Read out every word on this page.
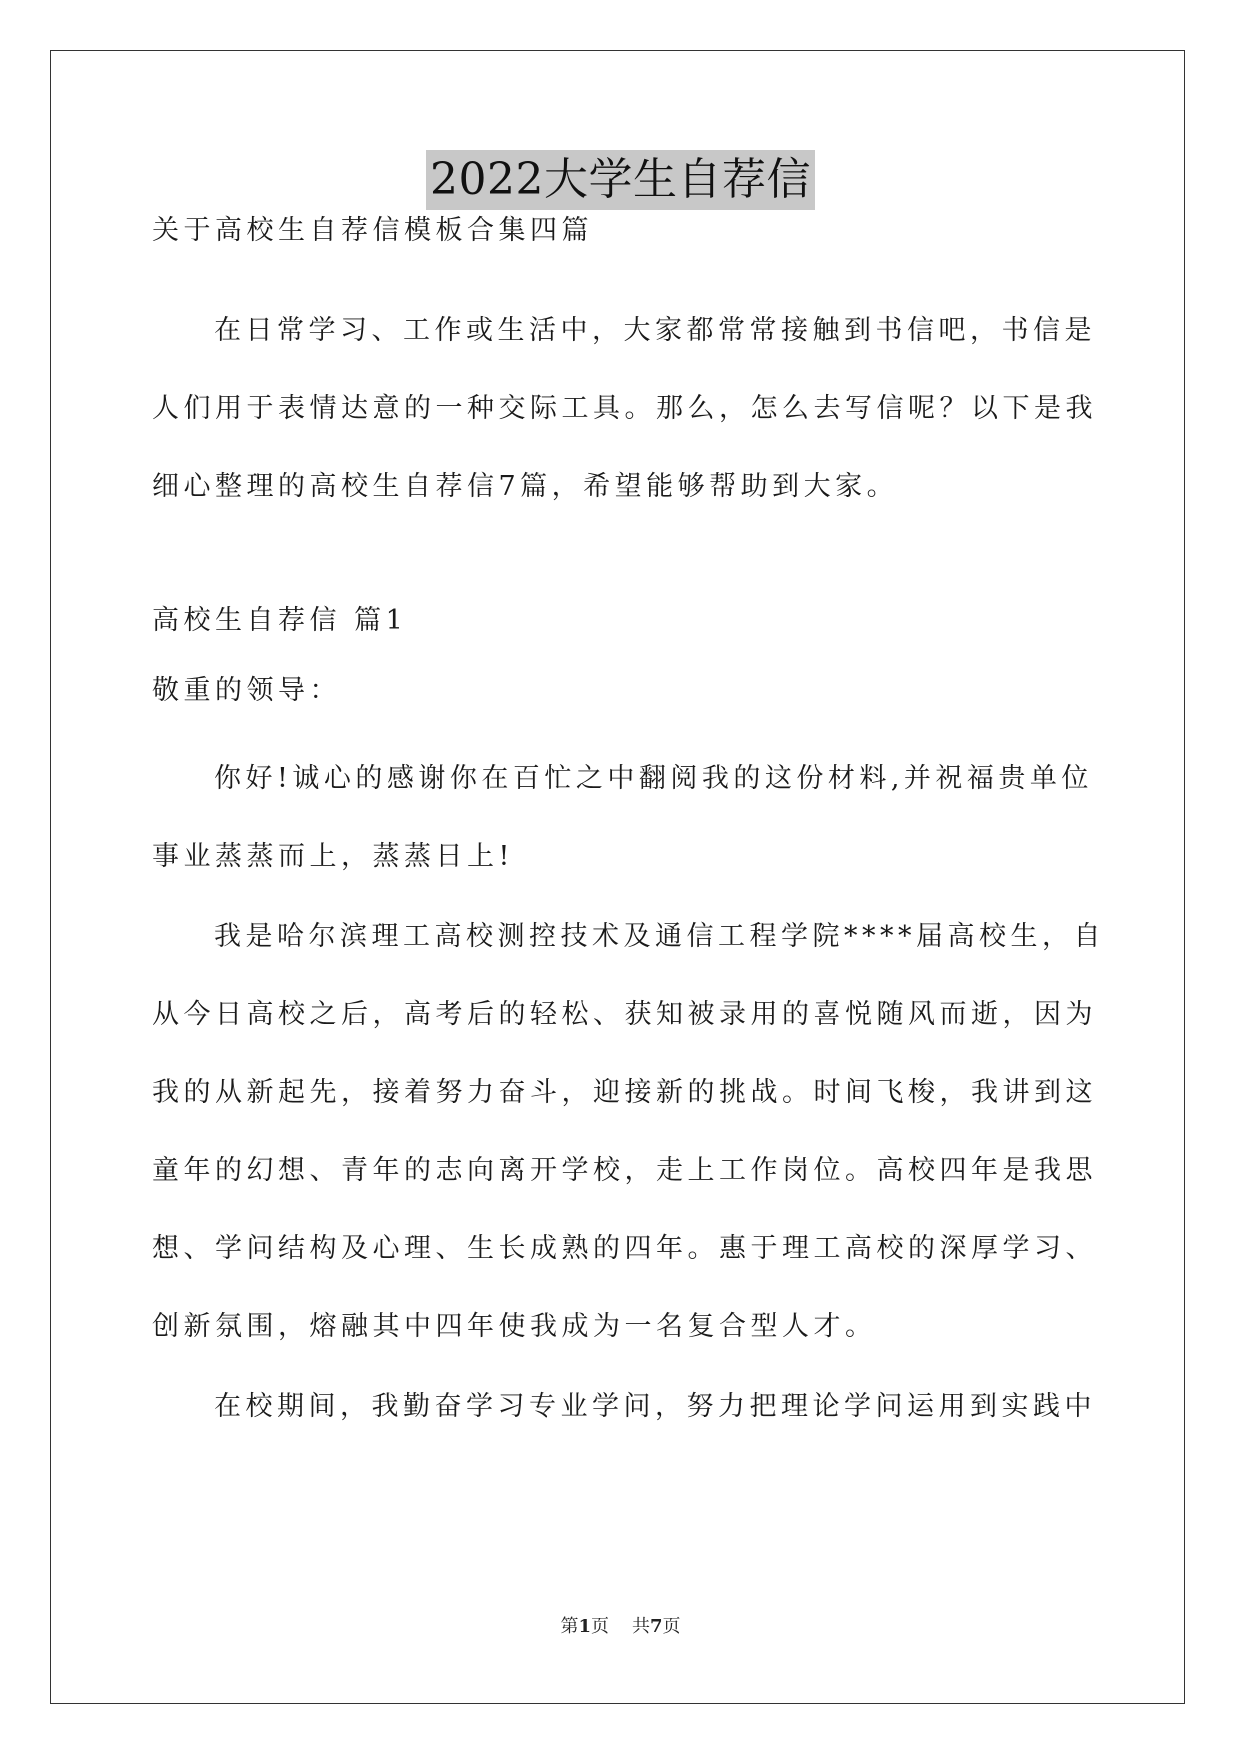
2022大学生自荐信
关于高校生自荐信模板合集四篇
在日常学习、工作或生活中，大家都常常接触到书信吧，书信是
人们用于表情达意的一种交际工具。那么，怎么去写信呢？以下是我
细心整理的高校生自荐信7篇，希望能够帮助到大家。
高校生自荐信 篇1
敬重的领导：
你好!诚心的感谢你在百忙之中翻阅我的这份材料,并祝福贵单位
事业蒸蒸而上，蒸蒸日上!
我是哈尔滨理工高校测控技术及通信工程学院****届高校生，自
从今日高校之后，高考后的轻松、获知被录用的喜悦随风而逝，因为
我的从新起先，接着努力奋斗，迎接新的挑战。时间飞梭，我讲到这
童年的幻想、青年的志向离开学校，走上工作岗位。高校四年是我思
想、学问结构及心理、生长成熟的四年。惠于理工高校的深厚学习、
创新氛围，熔融其中四年使我成为一名复合型人才。
在校期间，我勤奋学习专业学问，努力把理论学问运用到实践中
第1页 共7页
